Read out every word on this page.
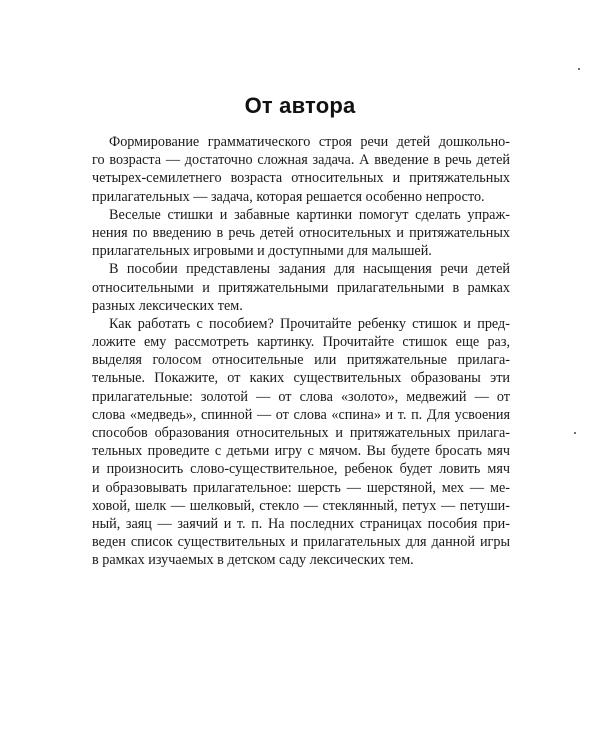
От автора
Формирование грамматического строя речи детей дошкольно-
го возраста — достаточно сложная задача. А введение в речь детей
четырех-семилетнего возраста относительных и притяжательных
прилагательных — задача, которая решается особенно непросто.
Веселые стишки и забавные картинки помогут сделать упраж-
нения по введению в речь детей относительных и притяжательных
прилагательных игровыми и доступными для малышей.
В пособии представлены задания для насыщения речи детей
относительными и притяжательными прилагательными в рамках
разных лексических тем.
Как работать с пособием? Прочитайте ребенку стишок и пред-
ложите ему рассмотреть картинку. Прочитайте стишок еще раз,
выделяя голосом относительные или притяжательные прилага-
тельные. Покажите, от каких существительных образованы эти
прилагательные: золотой — от слова «золото», медвежий — от
слова «медведь», спинной — от слова «спина» и т. п. Для усвоения
способов образования относительных и притяжательных прилага-
тельных проведите с детьми игру с мячом. Вы будете бросать мяч
и произносить слово-существительное, ребенок будет ловить мяч
и образовывать прилагательное: шерсть — шерстяной, мех — ме-
ховой, шелк — шелковый, стекло — стеклянный, петух — петуши-
ный, заяц — заячий и т. п. На последних страницах пособия при-
веден список существительных и прилагательных для данной игры
в рамках изучаемых в детском саду лексических тем.
